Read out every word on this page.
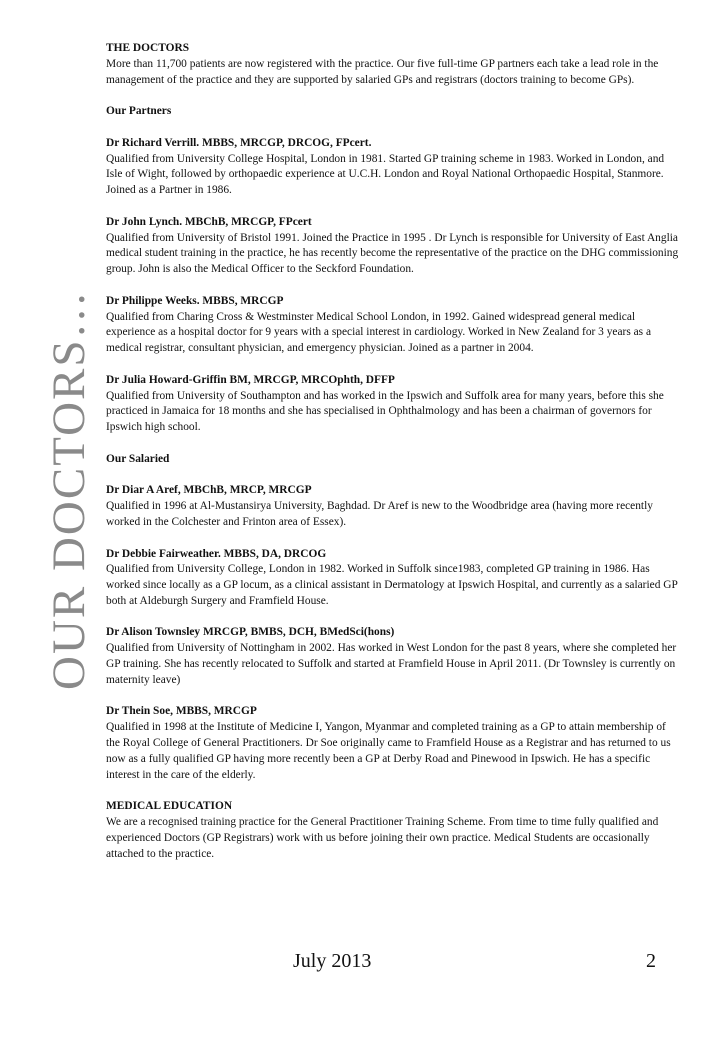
OUR DOCTORS…

THE DOCTORS

More than 11,700 patients are now registered with the practice. Our five full-time GP partners each take a lead role in the management of the practice and they are supported by salaried GPs and registrars (doctors training to become GPs).

Our Partners

Dr Richard Verrill. MBBS, MRCGP, DRCOG, FPcert.

Qualified from University College Hospital, London in 1981. Started GP training scheme in 1983. Worked in London, and Isle of Wight, followed by orthopaedic experience at U.C.H. London and Royal National Orthopaedic Hospital, Stanmore. Joined as a Partner in 1986.

Dr John Lynch. MBChB, MRCGP, FPcert

Qualified from University of Bristol 1991. Joined the Practice in 1995 . Dr Lynch is responsible for University of East Anglia medical student training in the practice, he has recently become the representative of the practice on the DHG commissioning group. John is also the Medical Officer to the Seckford Foundation.

Dr Philippe Weeks. MBBS, MRCGP

Qualified from Charing Cross & Westminster Medical School London, in 1992. Gained widespread general medical experience as a hospital doctor for 9 years with a special interest in cardiology. Worked in New Zealand for 3 years as a medical registrar, consultant physician, and emergency physician. Joined as a partner in 2004.

Dr Julia Howard-Griffin BM, MRCGP, MRCOphth, DFFP

Qualified from University of Southampton and has worked in the Ipswich and Suffolk area for many years, before this she practiced in Jamaica for 18 months and she has specialised in Ophthalmology and has been a chairman of governors for Ipswich high school.

Our Salaried

Dr Diar A Aref, MBChB, MRCP, MRCGP

Qualified in 1996 at Al-Mustansirya University, Baghdad. Dr Aref is new to the Woodbridge area (having more recently worked in the Colchester and Frinton area of Essex).

Dr Debbie Fairweather. MBBS, DA, DRCOG

Qualified from University College, London in 1982. Worked in Suffolk since1983, completed GP training in 1986. Has worked since locally as a GP locum, as a clinical assistant in Dermatology at Ipswich Hospital, and currently as a salaried GP both at Aldeburgh Surgery and Framfield House.

Dr Alison Townsley MRCGP, BMBS, DCH, BMedSci(hons)

Qualified from University of Nottingham in 2002. Has worked in West London for the past 8 years, where she completed her GP training. She has recently relocated to Suffolk and started at Framfield House in April 2011. (Dr Townsley is currently on maternity leave)

Dr Thein Soe, MBBS, MRCGP

Qualified in 1998 at the Institute of Medicine I, Yangon, Myanmar and completed training as a GP to attain membership of the Royal College of General Practitioners. Dr Soe originally came to Framfield House as a Registrar and has returned to us now as a fully qualified GP having more recently been a GP at Derby Road and Pinewood in Ipswich. He has a specific interest in the care of the elderly.

MEDICAL EDUCATION

We are a recognised training practice for the General Practitioner Training Scheme. From time to time fully qualified and experienced Doctors (GP Registrars) work with us before joining their own practice. Medical Students are occasionally attached to the practice.

July 2013	2
